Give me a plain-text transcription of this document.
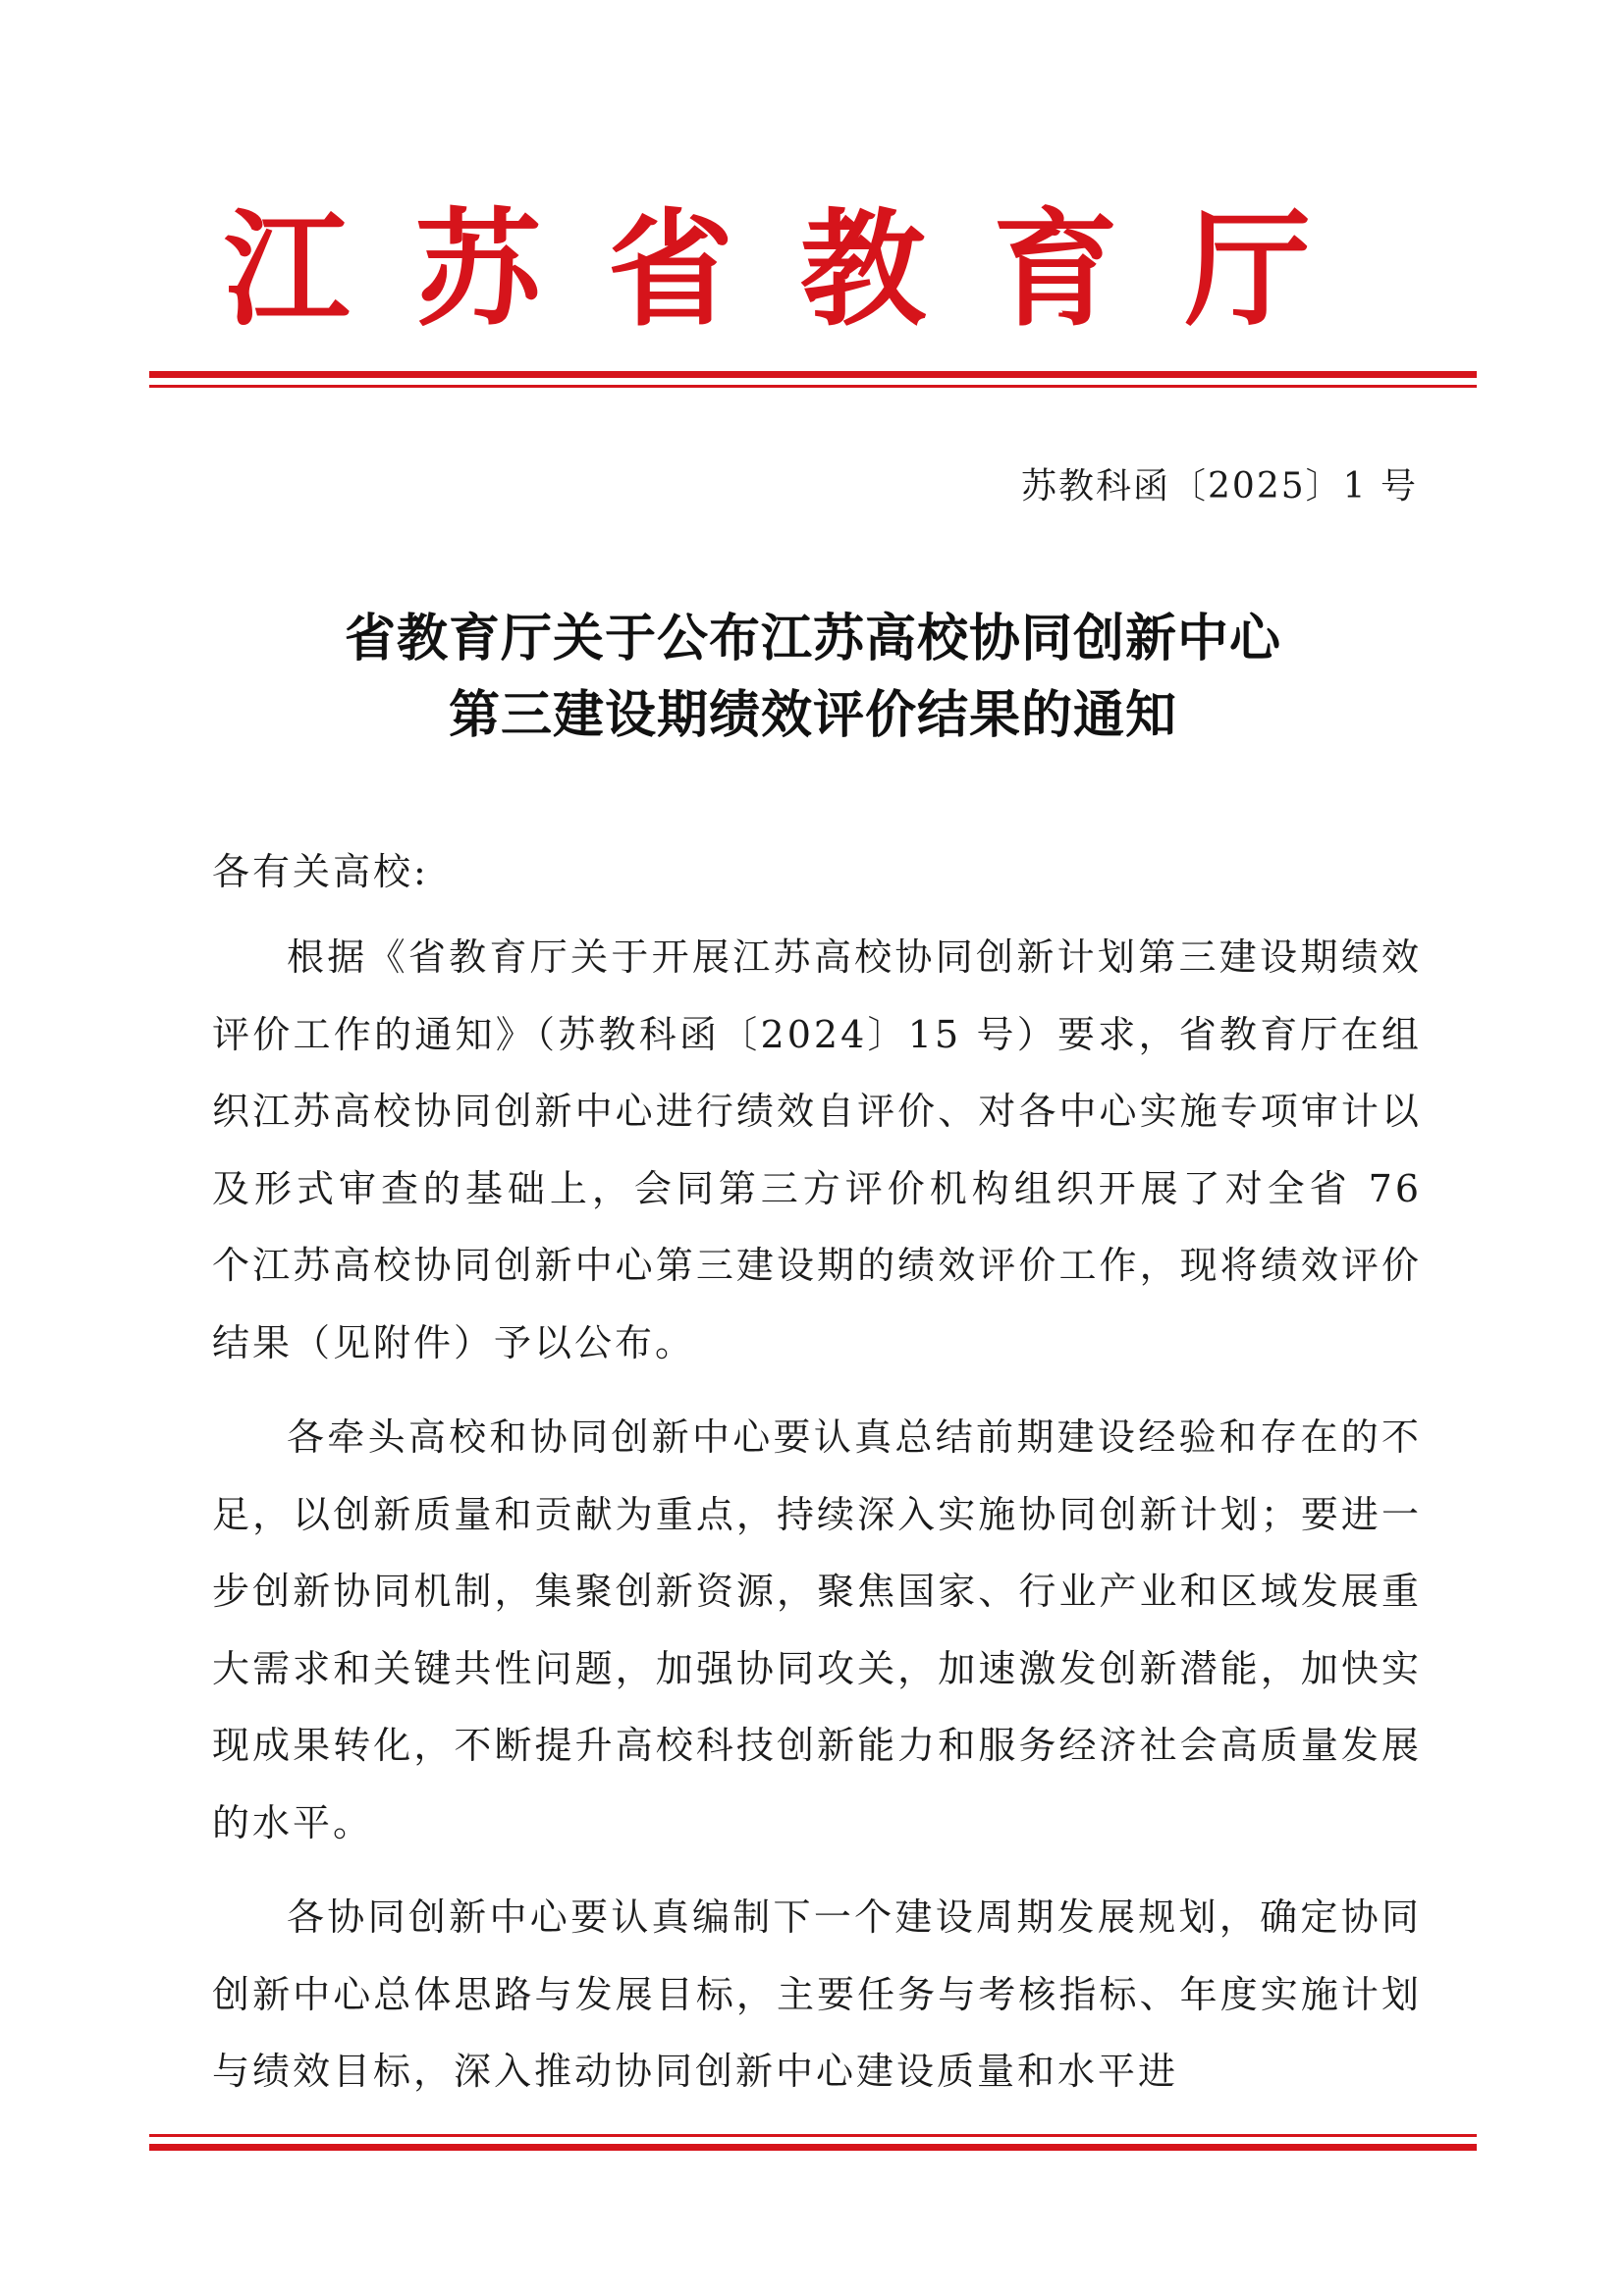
江 苏 省 教 育 厅
苏教科函〔2025〕1 号
省教育厅关于公布江苏高校协同创新中心
第三建设期绩效评价结果的通知
各有关高校:

根据《省教育厅关于开展江苏高校协同创新计划第三建设期绩效评价工作的通知》（苏教科函〔2024〕15 号）要求，省教育厅在组织江苏高校协同创新中心进行绩效自评价、对各中心实施专项审计以及形式审查的基础上，会同第三方评价机构组织开展了对全省 76 个江苏高校协同创新中心第三建设期的绩效评价工作，现将绩效评价结果（见附件）予以公布。

各牵头高校和协同创新中心要认真总结前期建设经验和存在的不足，以创新质量和贡献为重点，持续深入实施协同创新计划；要进一步创新协同机制，集聚创新资源，聚焦国家、行业产业和区域发展重大需求和关键共性问题，加强协同攻关，加速激发创新潜能，加快实现成果转化，不断提升高校科技创新能力和服务经济社会高质量发展的水平。

各协同创新中心要认真编制下一个建设周期发展规划，确定协同创新中心总体思路与发展目标，主要任务与考核指标、年度实施计划与绩效目标，深入推动协同创新中心建设质量和水平进
